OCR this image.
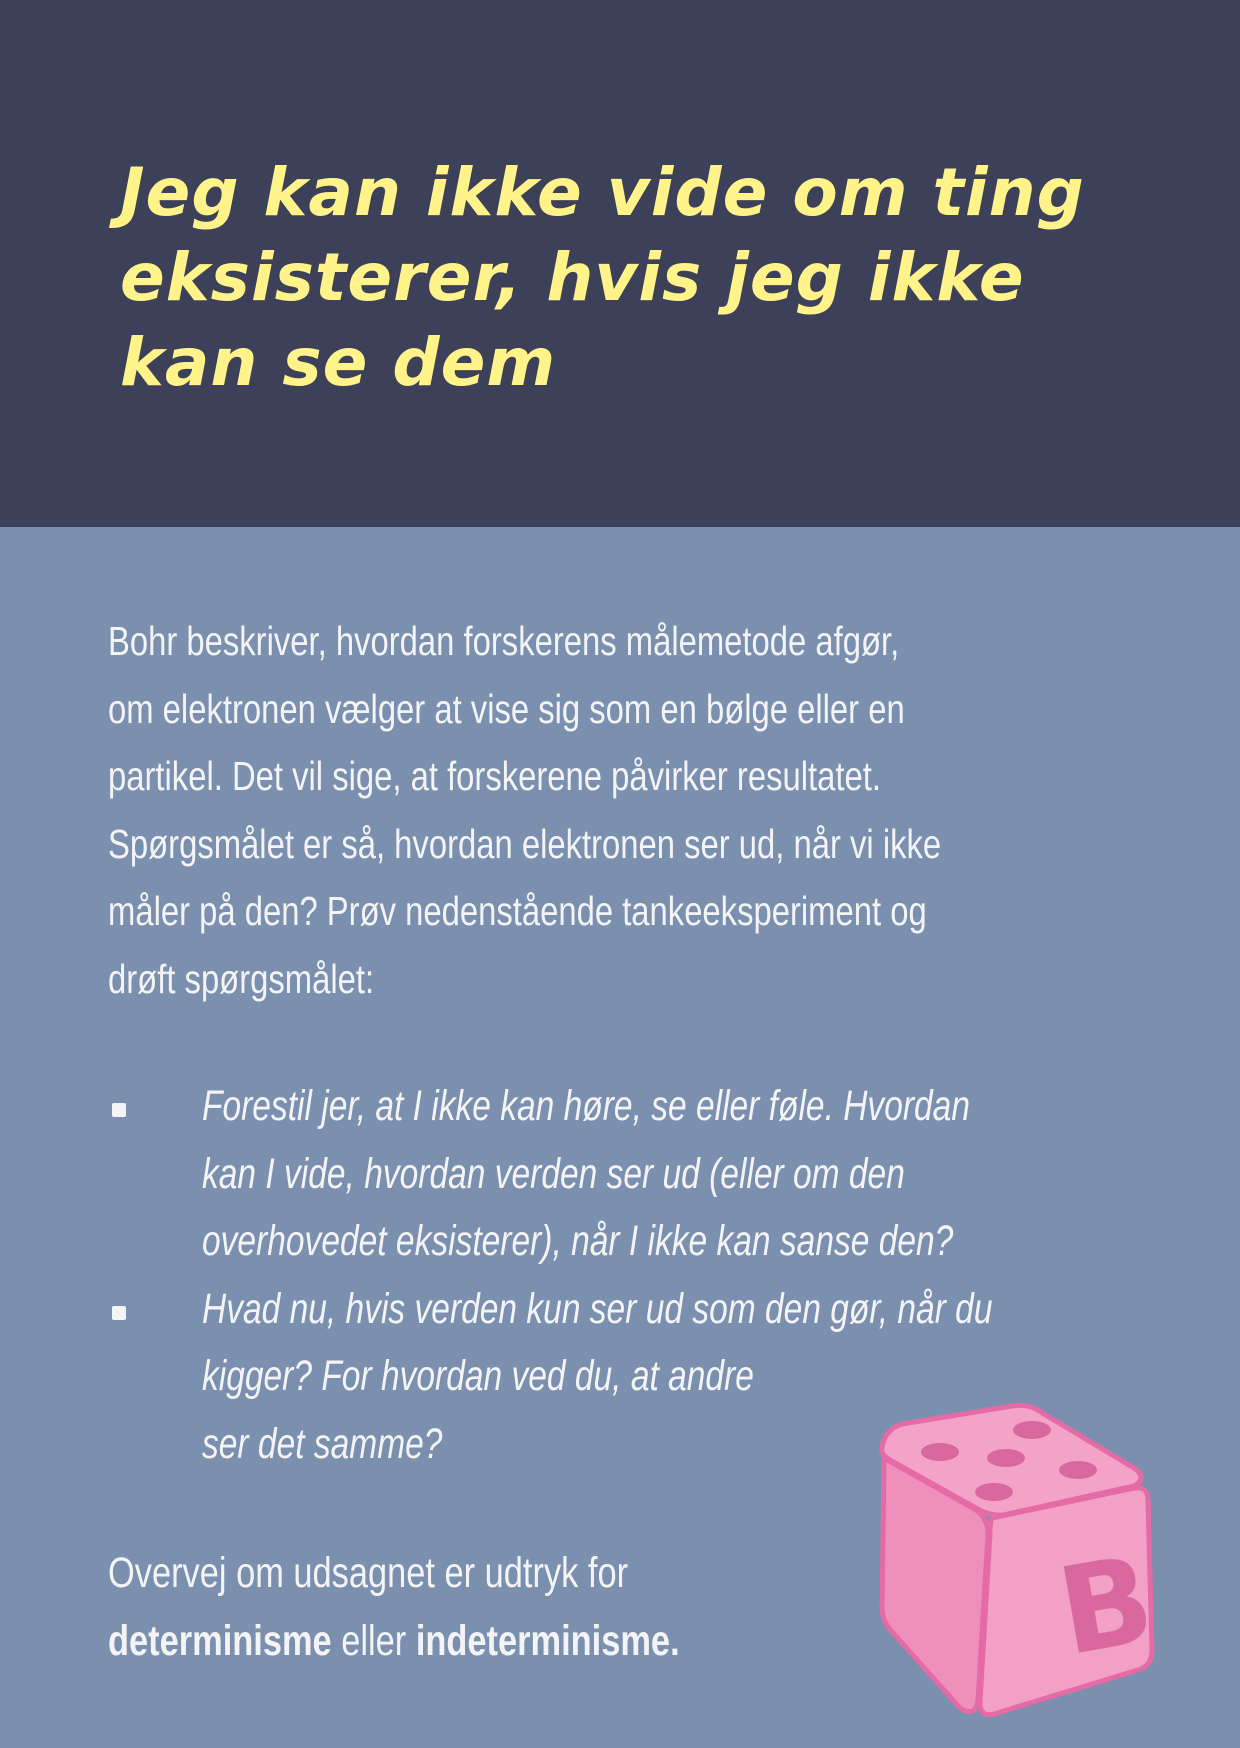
Jeg kan ikke vide om ting
eksisterer, hvis jeg ikke
kan se dem

Bohr beskriver, hvordan forskerens målemetode afgør,
om elektronen vælger at vise sig som en bølge eller en
partikel. Det vil sige, at forskerene påvirker resultatet.
Spørgsmålet er så, hvordan elektronen ser ud, når vi ikke
måler på den? Prøv nedenstående tankeeksperiment og
drøft spørgsmålet:

Forestil jer, at I ikke kan høre, se eller føle. Hvordan
kan I vide, hvordan verden ser ud (eller om den
overhovedet eksisterer), når I ikke kan sanse den?
Hvad nu, hvis verden kun ser ud som den gør, når du
kigger? For hvordan ved du, at andre
ser det samme?

Overvej om udsagnet er udtryk for
determinisme eller indeterminisme.	B
